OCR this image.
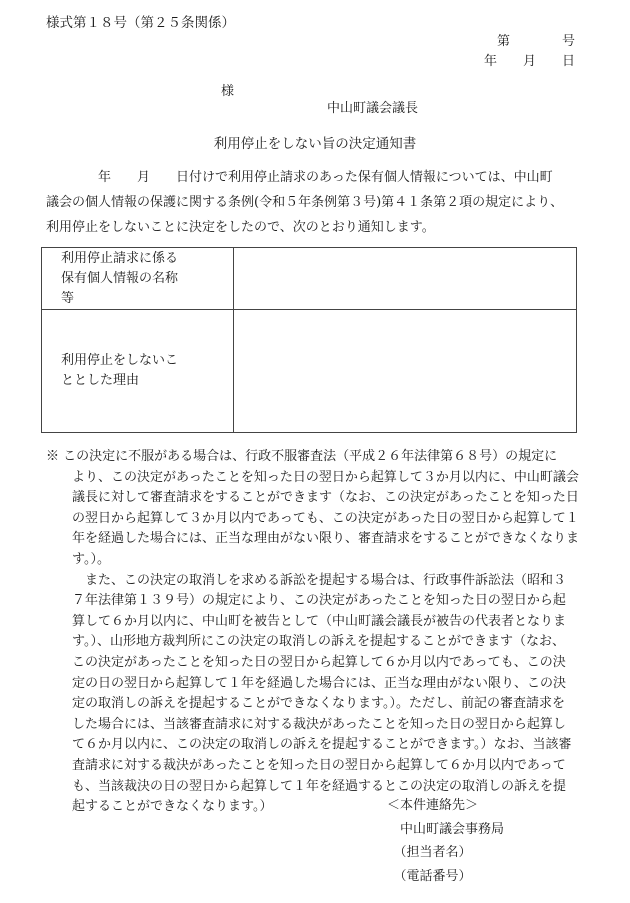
様式第１８号（第２５条関係）
第　　　　号
年　　月　　日
様
中山町議会議長
利用停止をしない旨の決定通知書
　　　　年　　月　　日付けで利用停止請求のあった保有個人情報については、中山町
議会の個人情報の保護に関する条例(令和５年条例第３号)第４１条第２項の規定により、
利用停止をしないことに決定をしたので、次のとおり通知します。
利用停止請求に係る
保有個人情報の名称
等	

利用停止をしないこ
ととした理由	

※ この決定に不服がある場合は、行政不服審査法（平成２６年法律第６８号）の規定に
　　より、この決定があったことを知った日の翌日から起算して３か月以内に、中山町議会
　　議長に対して審査請求をすることができます（なお、この決定があったことを知った日
　　の翌日から起算して３か月以内であっても、この決定があった日の翌日から起算して１
　　年を経過した場合には、正当な理由がない限り、審査請求をすることができなくなりま
　　す。）。
　　　また、この決定の取消しを求める訴訟を提起する場合は、行政事件訴訟法（昭和３
　　７年法律第１３９号）の規定により、この決定があったことを知った日の翌日から起
　　算して６か月以内に、中山町を被告として（中山町議会議長が被告の代表者となりま
　　す。）、山形地方裁判所にこの決定の取消しの訴えを提起することができます（なお、
　　この決定があったことを知った日の翌日から起算して６か月以内であっても、この決
　　定の日の翌日から起算して１年を経過した場合には、正当な理由がない限り、この決
　　定の取消しの訴えを提起することができなくなります。）。ただし、前記の審査請求を
　　した場合には、当該審査請求に対する裁決があったことを知った日の翌日から起算し
　　て６か月以内に、この決定の取消しの訴えを提起することができます。）なお、当該審
　　査請求に対する裁決があったことを知った日の翌日から起算して６か月以内であって
　　も、当該裁決の日の翌日から起算して１年を経過するとこの決定の取消しの訴えを提
　　起することができなくなります。）	＜本件連絡先＞
　中山町議会事務局
　（担当者名）
　（電話番号）
